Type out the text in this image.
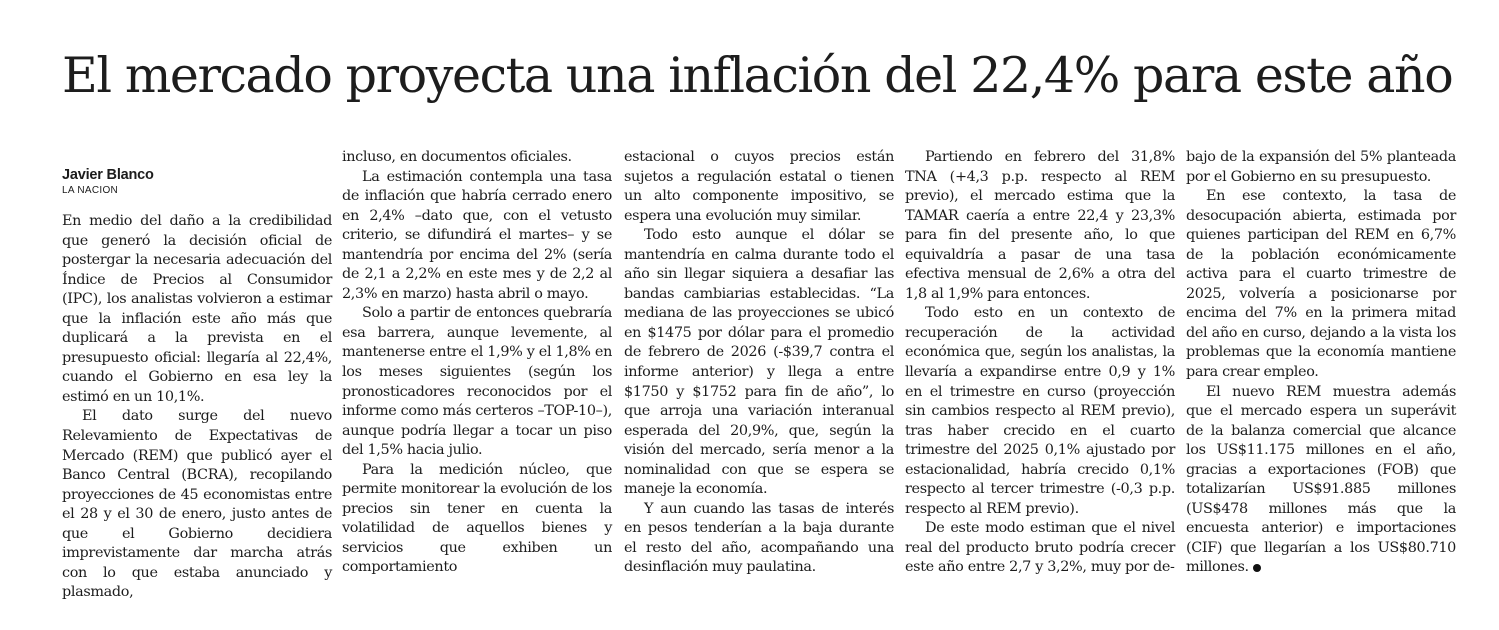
El mercado proyecta una inflación del 22,4% para este año
Javier Blanco
LA NACION

En medio del daño a la credibilidad que generó la decisión oficial de postergar la necesaria adecuación del Índice de Precios al Consumidor (IPC), los analistas volvieron a estimar que la inflación este año más que duplicará a la prevista en el presupuesto oficial: llegaría al 22,4%, cuando el Gobierno en esa ley la estimó en un 10,1%.

El dato surge del nuevo Relevamiento de Expectativas de Mercado (REM) que publicó ayer el Banco Central (BCRA), recopilando proyecciones de 45 economistas entre el 28 y el 30 de enero, justo antes de que el Gobierno decidiera imprevistamente dar marcha atrás con lo que estaba anunciado y plasmado,

incluso, en documentos oficiales.

La estimación contempla una tasa de inflación que habría cerrado enero en 2,4% –dato que, con el vetusto criterio, se difundirá el martes– y se mantendría por encima del 2% (sería de 2,1 a 2,2% en este mes y de 2,2 al 2,3% en marzo) hasta abril o mayo.

Solo a partir de entonces quebraría esa barrera, aunque levemente, al mantenerse entre el 1,9% y el 1,8% en los meses siguientes (según los pronosticadores reconocidos por el informe como más certeros –TOP-10–), aunque podría llegar a tocar un piso del 1,5% hacia julio.

Para la medición núcleo, que permite monitorear la evolución de los precios sin tener en cuenta la volatilidad de aquellos bienes y servicios que exhiben un comportamiento

estacional o cuyos precios están sujetos a regulación estatal o tienen un alto componente impositivo, se espera una evolución muy similar.

Todo esto aunque el dólar se mantendría en calma durante todo el año sin llegar siquiera a desafiar las bandas cambiarias establecidas. “La mediana de las proyecciones se ubicó en $1475 por dólar para el promedio de febrero de 2026 (-$39,7 contra el informe anterior) y llega a entre $1750 y $1752 para fin de año”, lo que arroja una variación interanual esperada del 20,9%, que, según la visión del mercado, sería menor a la nominalidad con que se espera se maneje la economía.

Y aun cuando las tasas de interés en pesos tenderían a la baja durante el resto del año, acompañando una desinflación muy paulatina.

Partiendo en febrero del 31,8% TNA (+4,3 p.p. respecto al REM previo), el mercado estima que la TAMAR caería a entre 22,4 y 23,3% para fin del presente año, lo que equivaldría a pasar de una tasa efectiva mensual de 2,6% a otra del 1,8 al 1,9% para entonces.

Todo esto en un contexto de recuperación de la actividad económica que, según los analistas, la llevaría a expandirse entre 0,9 y 1% en el trimestre en curso (proyección sin cambios respecto al REM previo), tras haber crecido en el cuarto trimestre del 2025 0,1% ajustado por estacionalidad, habría crecido 0,1% respecto al tercer trimestre (-0,3 p.p. respecto al REM previo).

De este modo estiman que el nivel real del producto bruto podría crecer este año entre 2,7 y 3,2%, muy por de-

bajo de la expansión del 5% planteada por el Gobierno en su presupuesto.

En ese contexto, la tasa de desocupación abierta, estimada por quienes participan del REM en 6,7% de la población económicamente activa para el cuarto trimestre de 2025, volvería a posicionarse por encima del 7% en la primera mitad del año en curso, dejando a la vista los problemas que la economía mantiene para crear empleo.

El nuevo REM muestra además que el mercado espera un superávit de la balanza comercial que alcance los US$11.175 millones en el año, gracias a exportaciones (FOB) que totalizarían US$91.885 millones (US$478 millones más que la encuesta anterior) e importaciones (CIF) que llegarían a los US$80.710 millones.
